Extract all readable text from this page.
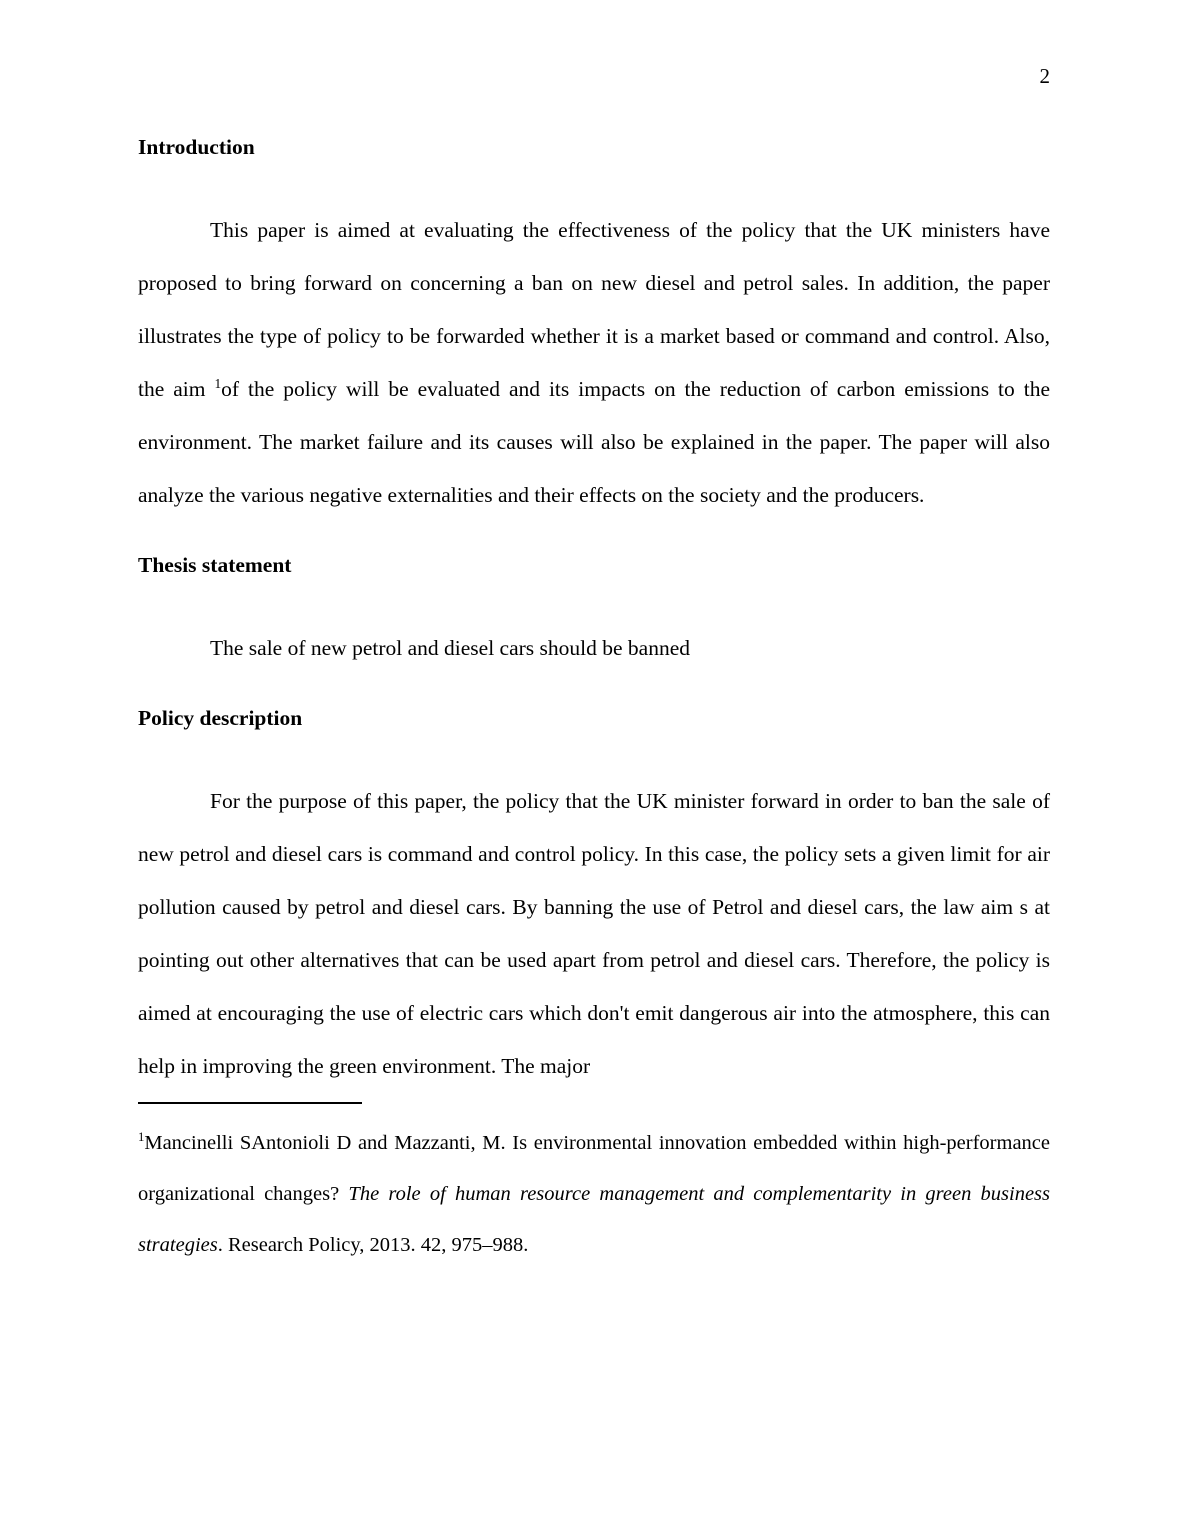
2
Introduction

This paper is aimed at evaluating the effectiveness of the policy that the UK ministers have proposed to bring forward on concerning a ban on new diesel and petrol sales. In addition, the paper illustrates the type of policy to be forwarded whether it is a market based or command and control. Also, the aim $^1$of the policy will be evaluated and its impacts on the reduction of carbon emissions to the environment. The market failure and its causes will also be explained in the paper. The paper will also analyze the various negative externalities and their effects on the society and the producers.

Thesis statement

The sale of new petrol and diesel cars should be banned

Policy description

For the purpose of this paper, the policy that the UK minister forward in order to ban the sale of new petrol and diesel cars is command and control policy. In this case, the policy sets a given limit for air pollution caused by petrol and diesel cars. By banning the use of Petrol and diesel cars, the law aim s at pointing out other alternatives that can be used apart from petrol and diesel cars. Therefore, the policy is aimed at encouraging the use of electric cars which don't emit dangerous air into the atmosphere, this can help in improving the green environment. The major

$^1$Mancinelli SAntonioli D and Mazzanti, M. Is environmental innovation embedded within high-performance organizational changes? The role of human resource management and complementarity in green business strategies. Research Policy, 2013. 42, 975–988.
